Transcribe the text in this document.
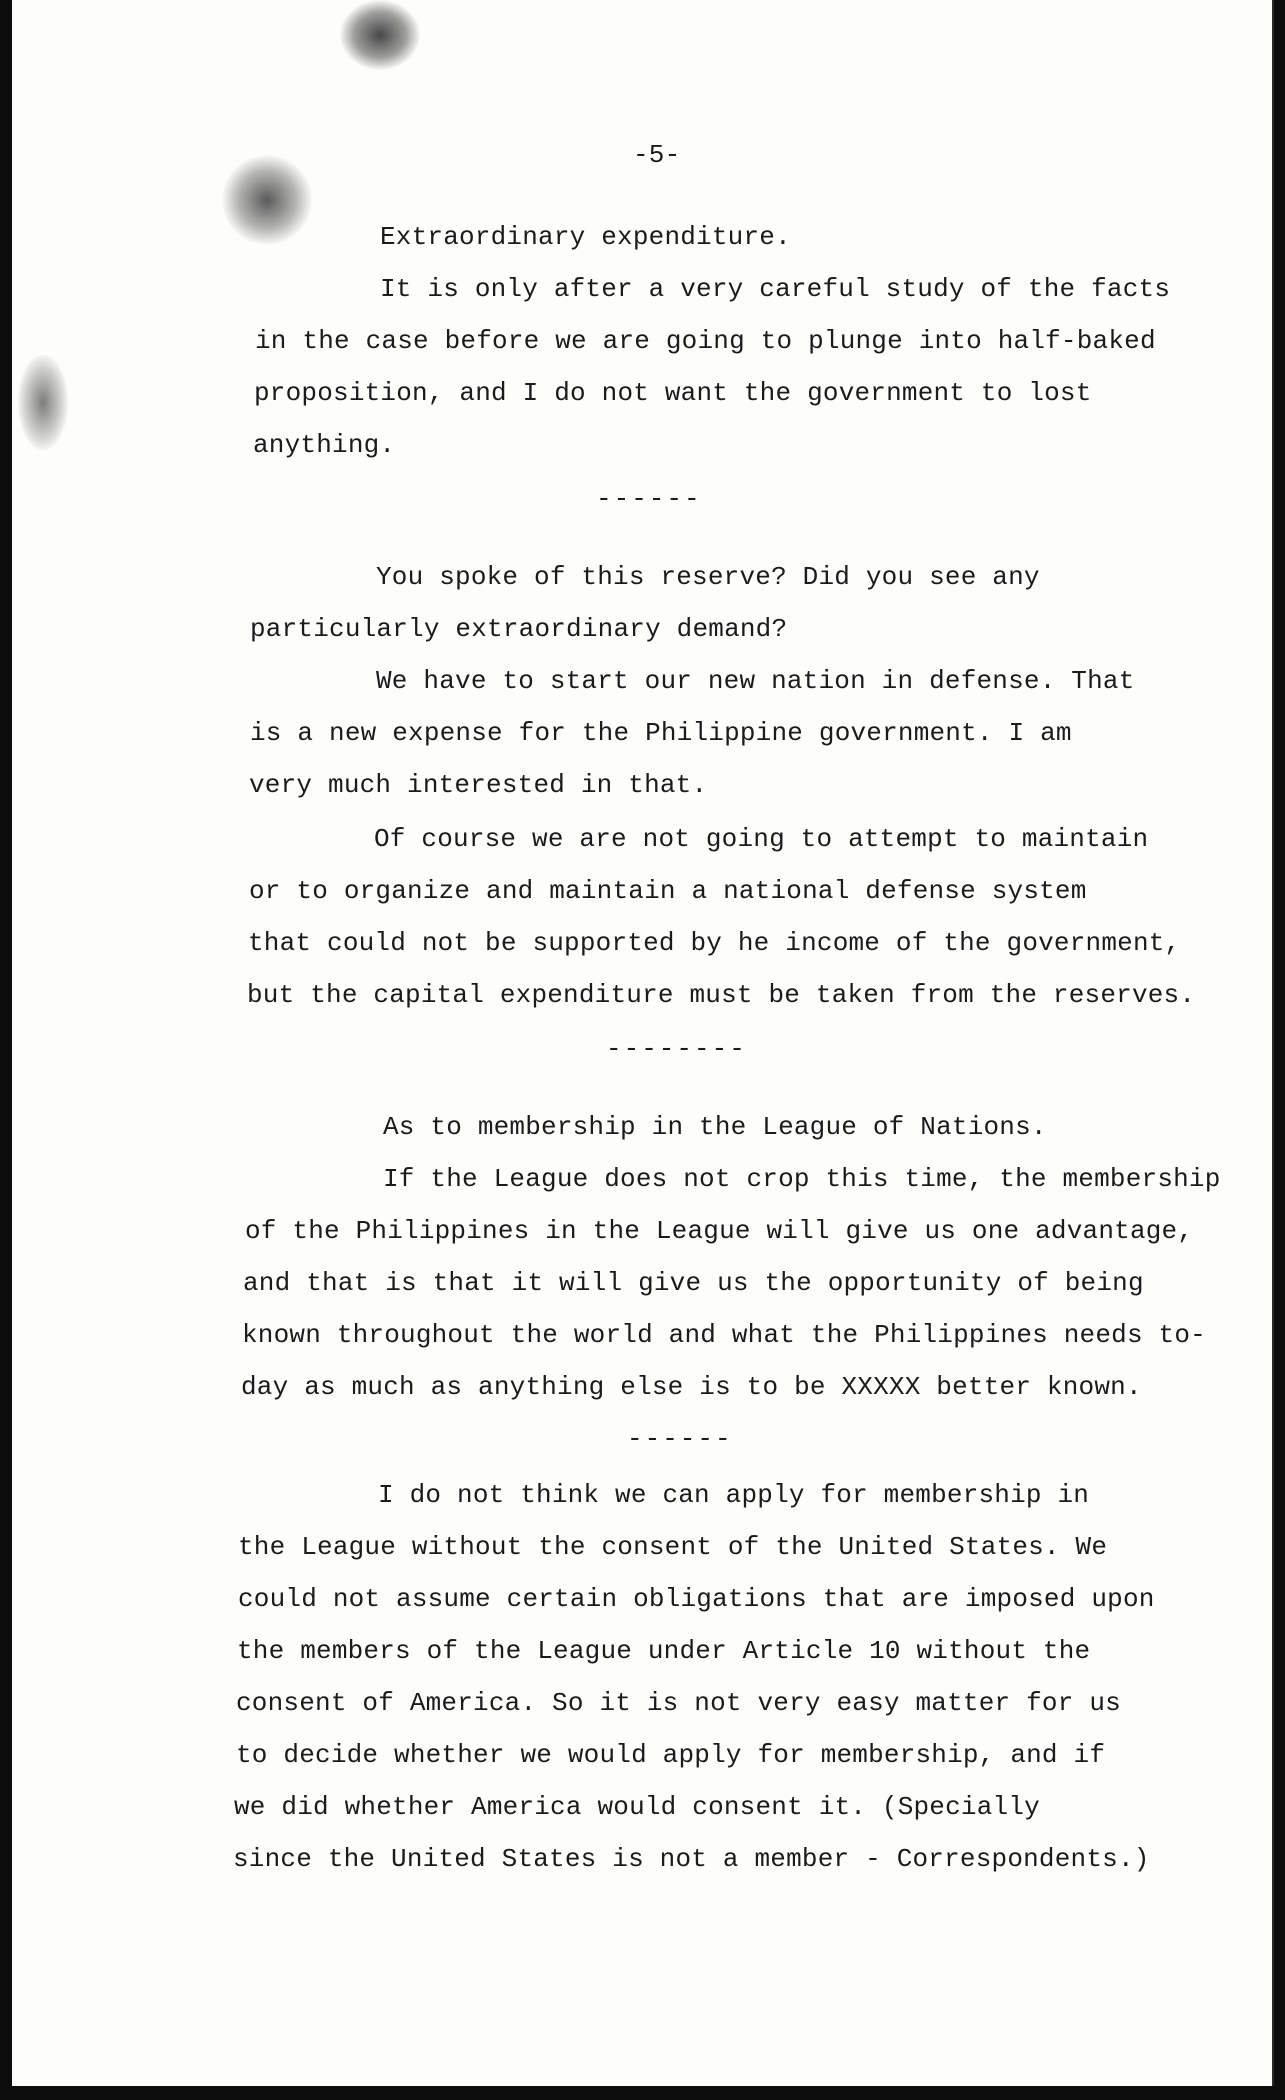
-5-
Extraordinary expenditure.
It is only after a very careful study of the facts
in the case before we are going to plunge into half-baked
proposition, and I do not want the government to lost
anything.
------
You spoke of this reserve? Did you see any
particularly extraordinary demand?
We have to start our new nation in defense. That
is a new expense for the Philippine government. I am
very much interested in that.
Of course we are not going to attempt to maintain
or to organize and maintain a national defense system
that could not be supported by he income of the government,
but the capital expenditure must be taken from the reserves.
--------
As to membership in the League of Nations.
If the League does not crop this time, the membership
of the Philippines in the League will give us one advantage,
and that is that it will give us the opportunity of being
known throughout the world and what the Philippines needs to-
day as much as anything else is to be XXXXX better known.
------
I do not think we can apply for membership in
the League without the consent of the United States. We
could not assume certain obligations that are imposed upon
the members of the League under Article 10 without the
consent of America. So it is not very easy matter for us
to decide whether we would apply for membership, and if
we did whether America would consent it. (Specially
since the United States is not a member - Correspondents.)
